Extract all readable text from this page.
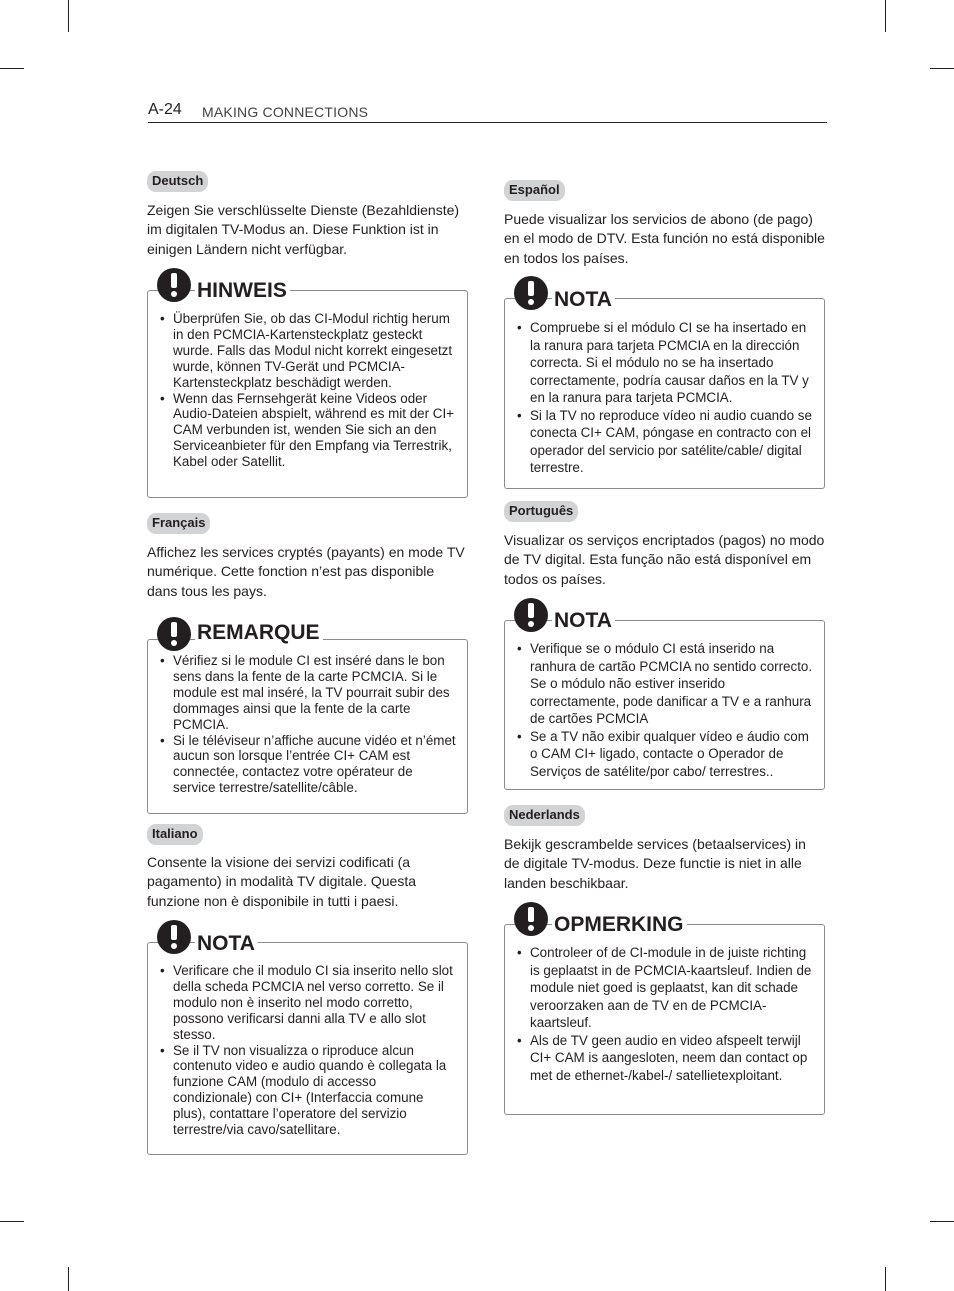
A-24 MAKING CONNECTIONS
Deutsch

Zeigen Sie verschlüsselte Dienste (Bezahldienste) im digitalen TV-Modus an. Diese Funktion ist in einigen Ländern nicht verfügbar.

HINWEIS
• Überprüfen Sie, ob das CI-Modul richtig herum in den PCMCIA-Kartensteckplatz gesteckt wurde. Falls das Modul nicht korrekt eingesetzt wurde, können TV-Gerät und PCMCIA-Kartensteckplatz beschädigt werden.
• Wenn das Fernsehgerät keine Videos oder Audio-Dateien abspielt, während es mit der CI+ CAM verbunden ist, wenden Sie sich an den Serviceanbieter für den Empfang via Terrestrik, Kabel oder Satellit.
Français

Affichez les services cryptés (payants) en mode TV numérique. Cette fonction n’est pas disponible dans tous les pays.

REMARQUE
• Vérifiez si le module CI est inséré dans le bon sens dans la fente de la carte PCMCIA. Si le module est mal inséré, la TV pourrait subir des dommages ainsi que la fente de la carte PCMCIA.
• Si le téléviseur n’affiche aucune vidéo et n’émet aucun son lorsque l’entrée CI+ CAM est connectée, contactez votre opérateur de service terrestre/satellite/câble.
Italiano

Consente la visione dei servizi codificati (a pagamento) in modalità TV digitale. Questa funzione non è disponibile in tutti i paesi.

NOTA
• Verificare che il modulo CI sia inserito nello slot della scheda PCMCIA nel verso corretto. Se il modulo non è inserito nel modo corretto, possono verificarsi danni alla TV e allo slot stesso.
• Se il TV non visualizza o riproduce alcun contenuto video e audio quando è collegata la funzione CAM (modulo di accesso condizionale) con CI+ (Interfaccia comune plus), contattare l’operatore del servizio terrestre/via cavo/satellitare.
Español

Puede visualizar los servicios de abono (de pago) en el modo de DTV. Esta función no está disponible en todos los países.

NOTA
• Compruebe si el módulo CI se ha insertado en la ranura para tarjeta PCMCIA en la dirección correcta. Si el módulo no se ha insertado correctamente, podría causar daños en la TV y en la ranura para tarjeta PCMCIA.
• Si la TV no reproduce vídeo ni audio cuando se conecta CI+ CAM, póngase en contracto con el operador del servicio por satélite/cable/ digital terrestre.
Português

Visualizar os serviços encriptados (pagos) no modo de TV digital. Esta função não está disponível em todos os países.

NOTA
• Verifique se o módulo CI está inserido na ranhura de cartão PCMCIA no sentido correcto. Se o módulo não estiver inserido correctamente, pode danificar a TV e a ranhura de cartões PCMCIA
• Se a TV não exibir qualquer vídeo e áudio com o CAM CI+ ligado, contacte o Operador de Serviços de satélite/por cabo/ terrestres..
Nederlands

Bekijk gescrambelde services (betaalservices) in de digitale TV-modus. Deze functie is niet in alle landen beschikbaar.

OPMERKING
• Controleer of de CI-module in de juiste richting is geplaatst in de PCMCIA-kaartsleuf. Indien de module niet goed is geplaatst, kan dit schade veroorzaken aan de TV en de PCMCIA-kaartsleuf.
• Als de TV geen audio en video afspeelt terwijl CI+ CAM is aangesloten, neem dan contact op met de ethernet-/kabel-/ satellietexploitant.
